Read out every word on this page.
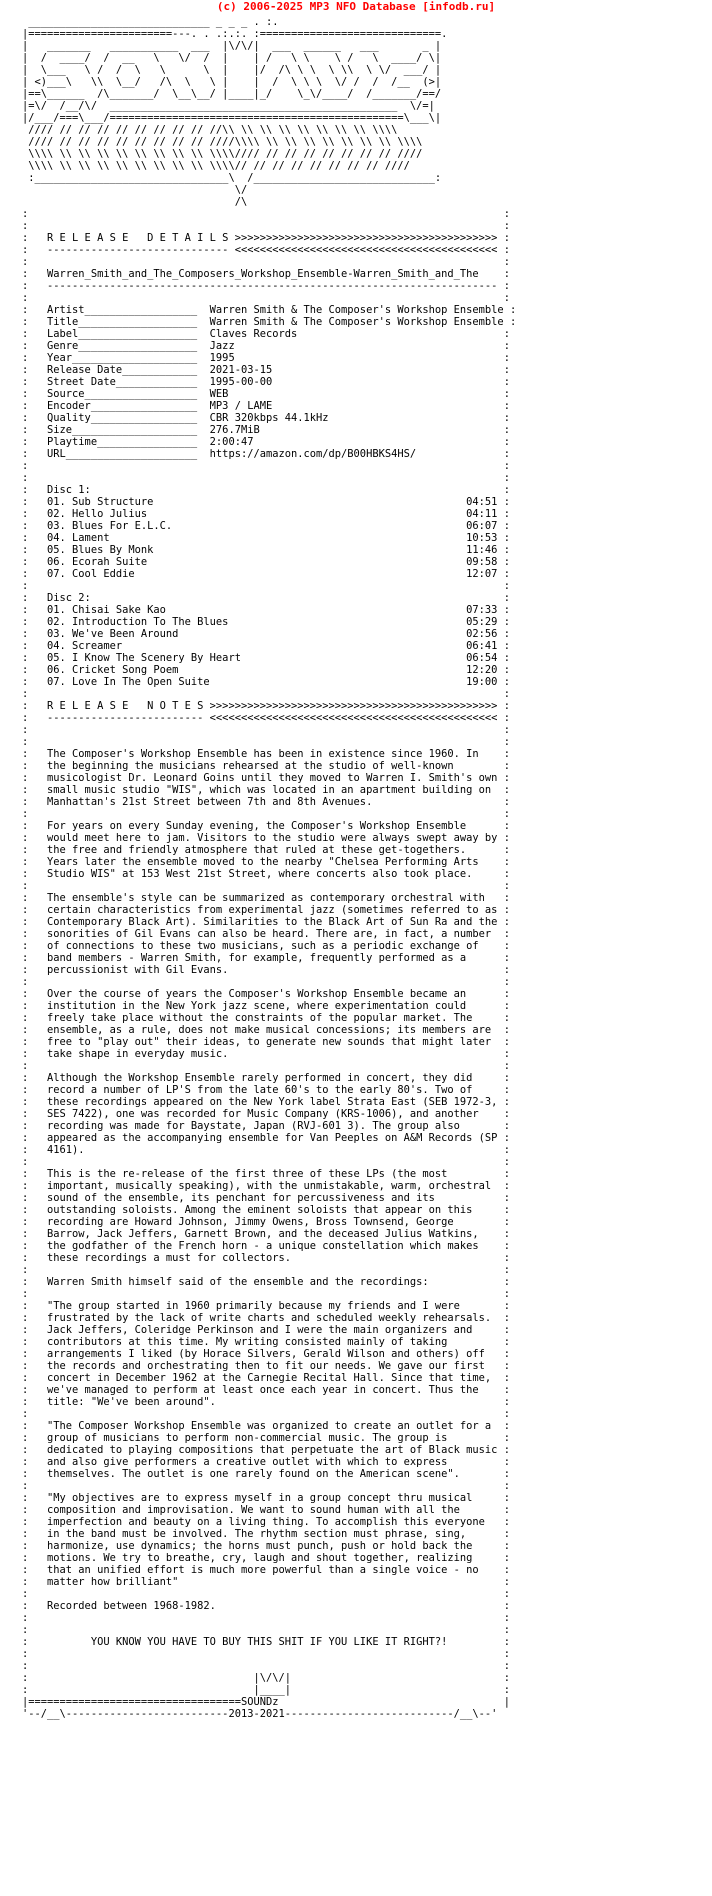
(c) 2006-2025 MP3 NFO Database [infodb.ru]
_____________________________ _ _ _ . :.
|=======================---. . .:.:. :=============================.
|   _______   ___________  ___  |\/\/|  ___  ______   ___       _ |
|  /  ____/  /  __   \   \/  /  |    | /   \ \    \ /   \  ____/ \|
|  \___   \ /  /  \   \      \  |    |/  /\ \ \  \ \\  \ \/  ___/ |
| <)___\   \\  \__/   /\  \   \ |    |  /  \ \ \  \/ /  /  /__  (>|
|==\______  /\_______/  \__\__/ |____|_/    \_\/____/  /_______/==/
|=\/  /__/\/  ______________________________________________  \/=|
|/___/===\___/===============================================\___\|
//// // // // // // // // // //\\ \\ \\ \\ \\ \\ \\ \\ \\\\
//// // // // // // // // // ////\\\\ \\ \\ \\ \\ \\ \\ \\ \\\\
\\\\ \\ \\ \\ \\ \\ \\ \\ \\ \\\\//// // // // // // // // ////
\\\\ \\ \\ \\ \\ \\ \\ \\ \\ \\\\// // // // // // // // ////
:_______________________________\  /_____________________________:
\/
/\
:                                                                            :
:                                                                            :
:   R E L E A S E   D E T A I L S >>>>>>>>>>>>>>>>>>>>>>>>>>>>>>>>>>>>>>>>>> :
:   ----------------------------- <<<<<<<<<<<<<<<<<<<<<<<<<<<<<<<<<<<<<<<<<< :
:                                                                            :
:   Warren_Smith_and_The_Composers_Workshop_Ensemble-Warren_Smith_and_The    :
:   ------------------------------------------------------------------------ :
:                                                                            :
:   Artist__________________  Warren Smith & The Composer's Workshop Ensemble :
:   Title___________________  Warren Smith & The Composer's Workshop Ensemble :
:   Label___________________  Claves Records                                 :
:   Genre___________________  Jazz                                           :
:   Year____________________  1995                                           :
:   Release Date____________  2021-03-15                                     :
:   Street Date_____________  1995-00-00                                     :
:   Source__________________  WEB                                            :
:   Encoder_________________  MP3 / LAME                                     :
:   Quality_________________  CBR 320kbps 44.1kHz                            :
:   Size____________________  276.7MiB                                       :
:   Playtime________________  2:00:47                                        :
:   URL_____________________  https://amazon.com/dp/B00HBKS4HS/              :
:                                                                            :
:                                                                            :
:   Disc 1:                                                                  :
:   01. Sub Structure                                                  04:51 :
:   02. Hello Julius                                                   04:11 :
:   03. Blues For E.L.C.                                               06:07 :
:   04. Lament                                                         10:53 :
:   05. Blues By Monk                                                  11:46 :
:   06. Ecorah Suite                                                   09:58 :
:   07. Cool Eddie                                                     12:07 :
:                                                                            :
:   Disc 2:                                                                  :
:   01. Chisai Sake Kao                                                07:33 :
:   02. Introduction To The Blues                                      05:29 :
:   03. We've Been Around                                              02:56 :
:   04. Screamer                                                       06:41 :
:   05. I Know The Scenery By Heart                                    06:54 :
:   06. Cricket Song Poem                                              12:20 :
:   07. Love In The Open Suite                                         19:00 :
:                                                                            :
:   R E L E A S E   N O T E S >>>>>>>>>>>>>>>>>>>>>>>>>>>>>>>>>>>>>>>>>>>>>> :
:   ------------------------- <<<<<<<<<<<<<<<<<<<<<<<<<<<<<<<<<<<<<<<<<<<<<< :
:                                                                            :
:                                                                            :
:   The Composer's Workshop Ensemble has been in existence since 1960. In    :
:   the beginning the musicians rehearsed at the studio of well-known        :
:   musicologist Dr. Leonard Goins until they moved to Warren I. Smith's own :
:   small music studio "WIS", which was located in an apartment building on  :
:   Manhattan's 21st Street between 7th and 8th Avenues.                     :
:                                                                            :
:   For years on every Sunday evening, the Composer's Workshop Ensemble      :
:   would meet here to jam. Visitors to the studio were always swept away by :
:   the free and friendly atmosphere that ruled at these get-togethers.      :
:   Years later the ensemble moved to the nearby "Chelsea Performing Arts    :
:   Studio WIS" at 153 West 21st Street, where concerts also took place.     :
:                                                                            :
:   The ensemble's style can be summarized as contemporary orchestral with   :
:   certain characteristics from experimental jazz (sometimes referred to as :
:   Contemporary Black Art). Similarities to the Black Art of Sun Ra and the :
:   sonorities of Gil Evans can also be heard. There are, in fact, a number  :
:   of connections to these two musicians, such as a periodic exchange of    :
:   band members - Warren Smith, for example, frequently performed as a      :
:   percussionist with Gil Evans.                                            :
:                                                                            :
:   Over the course of years the Composer's Workshop Ensemble became an      :
:   institution in the New York jazz scene, where experimentation could      :
:   freely take place without the constraints of the popular market. The     :
:   ensemble, as a rule, does not make musical concessions; its members are  :
:   free to "play out" their ideas, to generate new sounds that might later  :
:   take shape in everyday music.                                            :
:                                                                            :
:   Although the Workshop Ensemble rarely performed in concert, they did     :
:   record a number of LP'S from the late 60's to the early 80's. Two of     :
:   these recordings appeared on the New York label Strata East (SEB 1972-3, :
:   SES 7422), one was recorded for Music Company (KRS-1006), and another    :
:   recording was made for Baystate, Japan (RVJ-601 3). The group also       :
:   appeared as the accompanying ensemble for Van Peeples on A&M Records (SP :
:   4161).                                                                   :
:                                                                            :
:   This is the re-release of the first three of these LPs (the most         :
:   important, musically speaking), with the unmistakable, warm, orchestral  :
:   sound of the ensemble, its penchant for percussiveness and its           :
:   outstanding soloists. Among the eminent soloists that appear on this     :
:   recording are Howard Johnson, Jimmy Owens, Bross Townsend, George        :
:   Barrow, Jack Jeffers, Garnett Brown, and the deceased Julius Watkins,    :
:   the godfather of the French horn - a unique constellation which makes    :
:   these recordings a must for collectors.                                  :
:                                                                            :
:   Warren Smith himself said of the ensemble and the recordings:            :
:                                                                            :
:   "The group started in 1960 primarily because my friends and I were       :
:   frustrated by the lack of write charts and scheduled weekly rehearsals.  :
:   Jack Jeffers, Coleridge Perkinson and I were the main organizers and     :
:   contributors at this time. My writing consisted mainly of taking         :
:   arrangements I liked (by Horace Silvers, Gerald Wilson and others) off   :
:   the records and orchestrating then to fit our needs. We gave our first   :
:   concert in December 1962 at the Carnegie Recital Hall. Since that time,  :
:   we've managed to perform at least once each year in concert. Thus the    :
:   title: "We've been around".                                              :
:                                                                            :
:   "The Composer Workshop Ensemble was organized to create an outlet for a  :
:   group of musicians to perform non-commercial music. The group is         :
:   dedicated to playing compositions that perpetuate the art of Black music :
:   and also give performers a creative outlet with which to express         :
:   themselves. The outlet is one rarely found on the American scene".       :
:                                                                            :
:   "My objectives are to express myself in a group concept thru musical     :
:   composition and improvisation. We want to sound human with all the       :
:   imperfection and beauty on a living thing. To accomplish this everyone   :
:   in the band must be involved. The rhythm section must phrase, sing,      :
:   harmonize, use dynamics; the horns must punch, push or hold back the     :
:   motions. We try to breathe, cry, laugh and shout together, realizing     :
:   that an unified effort is much more powerful than a single voice - no    :
:   matter how brilliant"                                                    :
:                                                                            :
:   Recorded between 1968-1982.                                              :
:                                                                            :
:                                                                            :
:          YOU KNOW YOU HAVE TO BUY THIS SHIT IF YOU LIKE IT RIGHT?!         :
:                                                                            :
:                                                                            :
:                                    |\/\/|                                  :
:                                    |____|                                  :
|==================================SOUNDz                                    |
'--/__\--------------------------2013-2021---------------------------/__\--'
